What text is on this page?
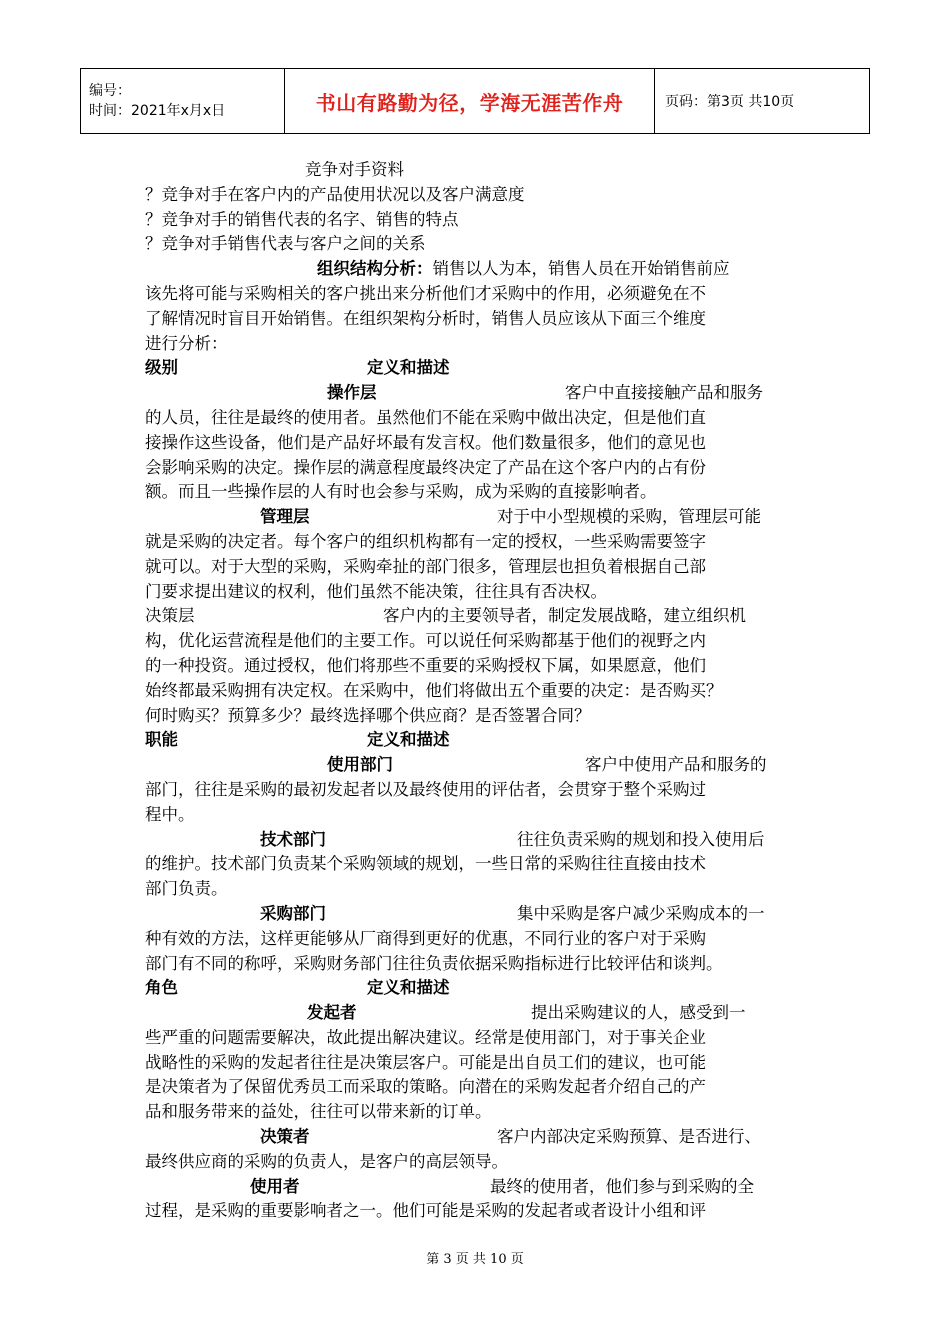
编号：
时间：2021年x月x日	书山有路勤为径，学海无涯苦作舟	页码：第3页 共10页
竞争对手资料
？竞争对手在客户内的产品使用状况以及客户满意度
？竞争对手的销售代表的名字、销售的特点
？竞争对手销售代表与客户之间的关系
组织结构分析： 销售以人为本，销售人员在开始销售前应
该先将可能与采购相关的客户挑出来分析他们才采购中的作用，必须避免在不
了解情况时盲目开始销售。在组织架构分析时，销售人员应该从下面三个维度
进行分析：
级别	定义和描述
操作层	客户中直接接触产品和服务
的人员，往往是最终的使用者。虽然他们不能在采购中做出决定，但是他们直
接操作这些设备，他们是产品好坏最有发言权。他们数量很多，他们的意见也
会影响采购的决定。操作层的满意程度最终决定了产品在这个客户内的占有份
额。而且一些操作层的人有时也会参与采购，成为采购的直接影响者。
管理层	对于中小型规模的采购，管理层可能
就是采购的决定者。每个客户的组织机构都有一定的授权，一些采购需要签字
就可以。对于大型的采购，采购牵扯的部门很多，管理层也担负着根据自己部
门要求提出建议的权利，他们虽然不能决策，往往具有否决权。
决策层	客户内的主要领导者，制定发展战略，建立组织机
构，优化运营流程是他们的主要工作。可以说任何采购都基于他们的视野之内
的一种投资。通过授权，他们将那些不重要的采购授权下属，如果愿意，他们
始终都最采购拥有决定权。在采购中，他们将做出五个重要的决定：是否购买？
何时购买？预算多少？最终选择哪个供应商？是否签署合同？
职能	定义和描述
使用部门	客户中使用产品和服务的
部门，往往是采购的最初发起者以及最终使用的评估者，会贯穿于整个采购过
程中。
技术部门	往往负责采购的规划和投入使用后
的维护。技术部门负责某个采购领域的规划，一些日常的采购往往直接由技术
部门负责。
采购部门	集中采购是客户减少采购成本的一
种有效的方法，这样更能够从厂商得到更好的优惠，不同行业的客户对于采购
部门有不同的称呼，采购财务部门往往负责依据采购指标进行比较评估和谈判。
角色	定义和描述
发起者	提出采购建议的人，感受到一
些严重的问题需要解决，故此提出解决建议。经常是使用部门，对于事关企业
战略性的采购的发起者往往是决策层客户。可能是出自员工们的建议，也可能
是决策者为了保留优秀员工而采取的策略。向潜在的采购发起者介绍自己的产
品和服务带来的益处，往往可以带来新的订单。
决策者	客户内部决定采购预算、是否进行、
最终供应商的采购的负责人，是客户的高层领导。
使用者	最终的使用者，他们参与到采购的全
过程，是采购的重要影响者之一。他们可能是采购的发起者或者设计小组和评
第 3 页 共 10 页
